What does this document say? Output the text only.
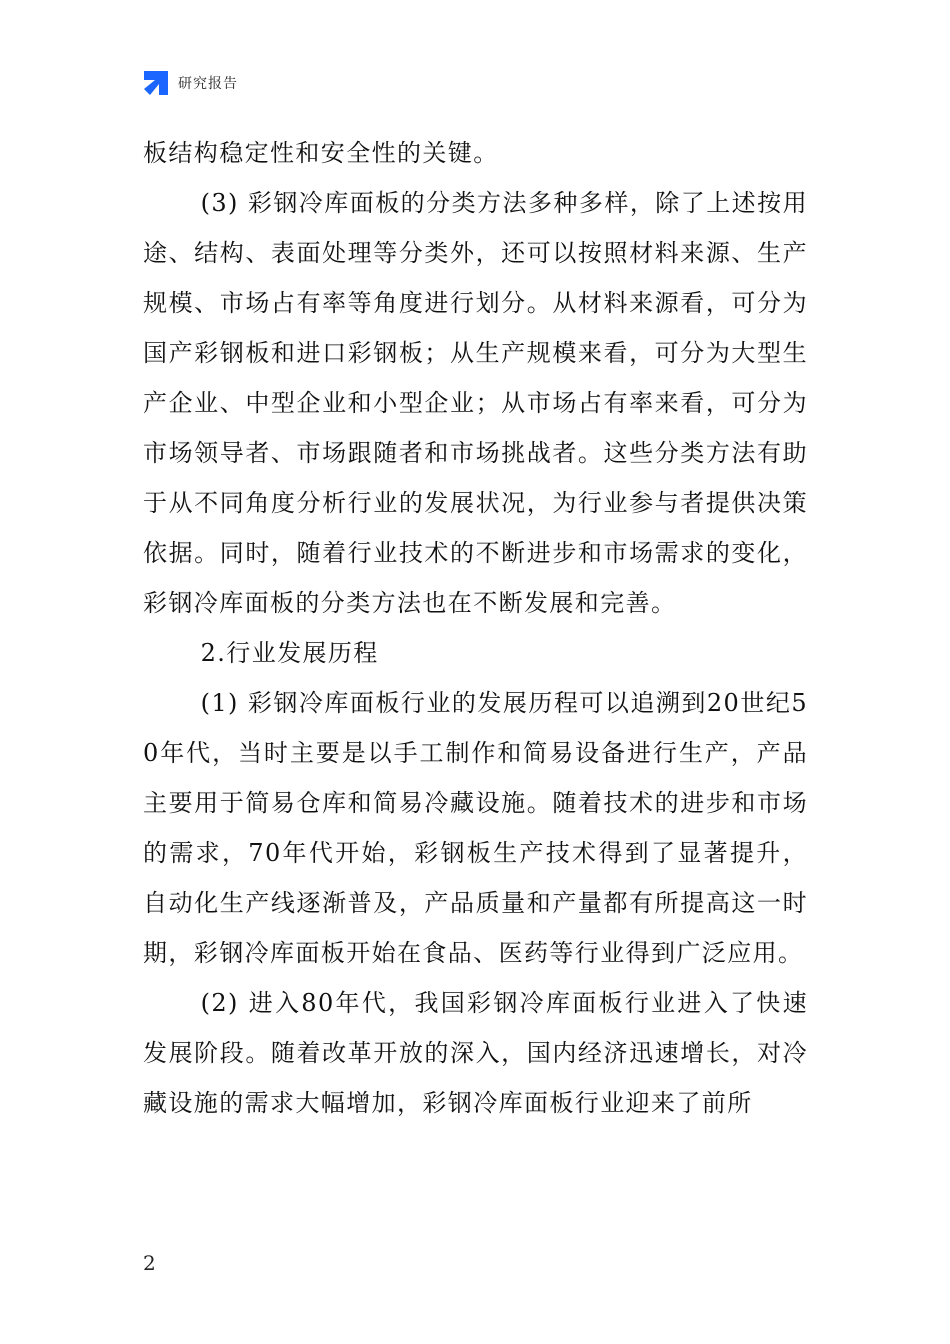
研究报告

板结构稳定性和安全性的关键。

(3) 彩钢冷库面板的分类方法多种多样，除了上述按用途、结构、表面处理等分类外，还可以按照材料来源、生产规模、市场占有率等角度进行划分。从材料来源看，可分为国产彩钢板和进口彩钢板；从生产规模来看，可分为大型生产企业、中型企业和小型企业；从市场占有率来看，可分为市场领导者、市场跟随者和市场挑战者。这些分类方法有助于从不同角度分析行业的发展状况，为行业参与者提供决策依据。同时，随着行业技术的不断进步和市场需求的变化，彩钢冷库面板的分类方法也在不断发展和完善。

2.行业发展历程

(1) 彩钢冷库面板行业的发展历程可以追溯到20世纪50年代，当时主要是以手工制作和简易设备进行生产，产品主要用于简易仓库和简易冷藏设施。随着技术的进步和市场的需求，70年代开始，彩钢板生产技术得到了显著提升，自动化生产线逐渐普及，产品质量和产量都有所提高这一时期，彩钢冷库面板开始在食品、医药等行业得到广泛应用。

(2) 进入80年代，我国彩钢冷库面板行业进入了快速发展阶段。随着改革开放的深入，国内经济迅速增长，对冷藏设施的需求大幅增加，彩钢冷库面板行业迎来了前所

2
